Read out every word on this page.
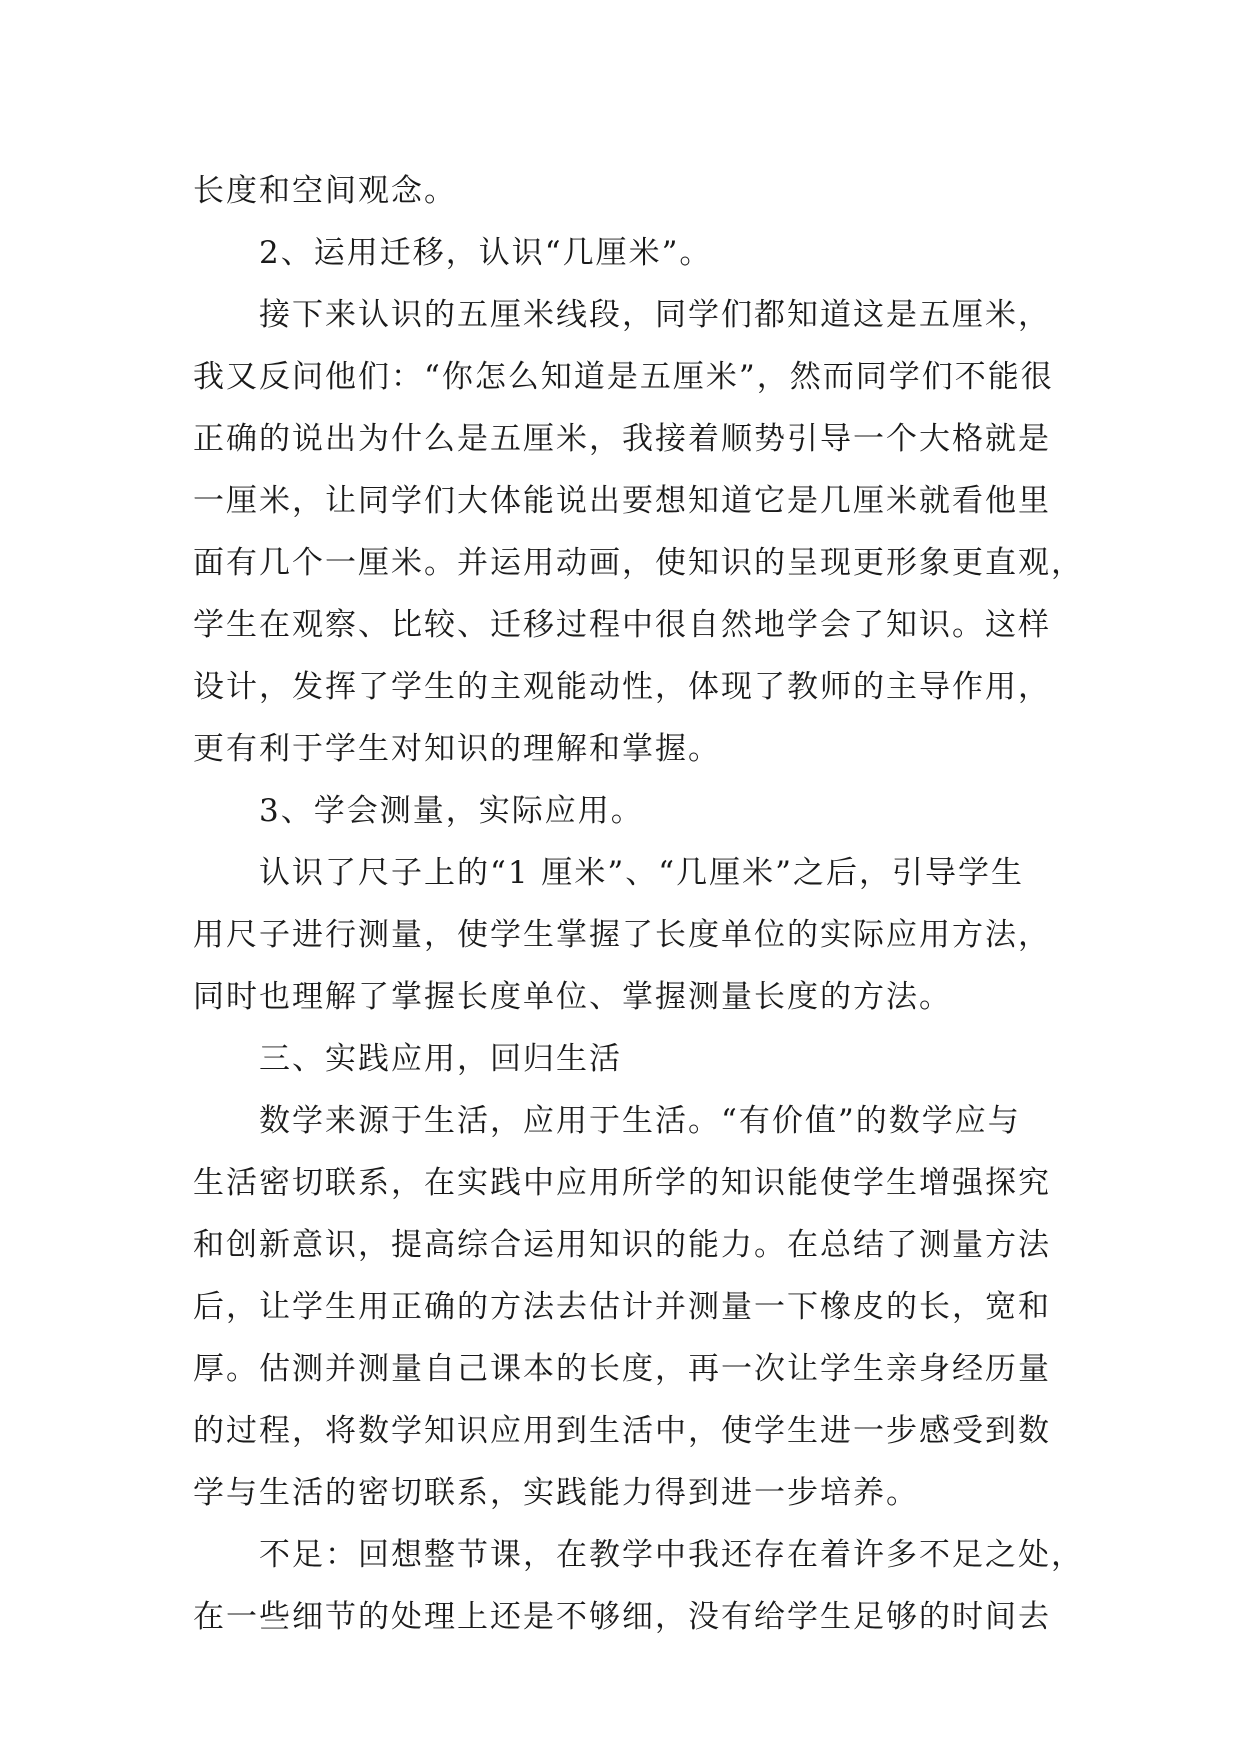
长度和空间观念。
2、运用迁移，认识“几厘米”。
接下来认识的五厘米线段，同学们都知道这是五厘米，
我又反问他们：“你怎么知道是五厘米”，然而同学们不能很
正确的说出为什么是五厘米，我接着顺势引导一个大格就是
一厘米，让同学们大体能说出要想知道它是几厘米就看他里
面有几个一厘米。并运用动画，使知识的呈现更形象更直观，
学生在观察、比较、迁移过程中很自然地学会了知识。这样
设计，发挥了学生的主观能动性，体现了教师的主导作用，
更有利于学生对知识的理解和掌握。
3、学会测量，实际应用。
认识了尺子上的“1 厘米”、“几厘米”之后，引导学生
用尺子进行测量，使学生掌握了长度单位的实际应用方法，
同时也理解了掌握长度单位、掌握测量长度的方法。
三、实践应用，回归生活
数学来源于生活，应用于生活。“有价值”的数学应与
生活密切联系，在实践中应用所学的知识能使学生增强探究
和创新意识，提高综合运用知识的能力。在总结了测量方法
后，让学生用正确的方法去估计并测量一下橡皮的长，宽和
厚。估测并测量自己课本的长度，再一次让学生亲身经历量
的过程，将数学知识应用到生活中，使学生进一步感受到数
学与生活的密切联系，实践能力得到进一步培养。
不足：回想整节课，在教学中我还存在着许多不足之处，
在一些细节的处理上还是不够细，没有给学生足够的时间去
